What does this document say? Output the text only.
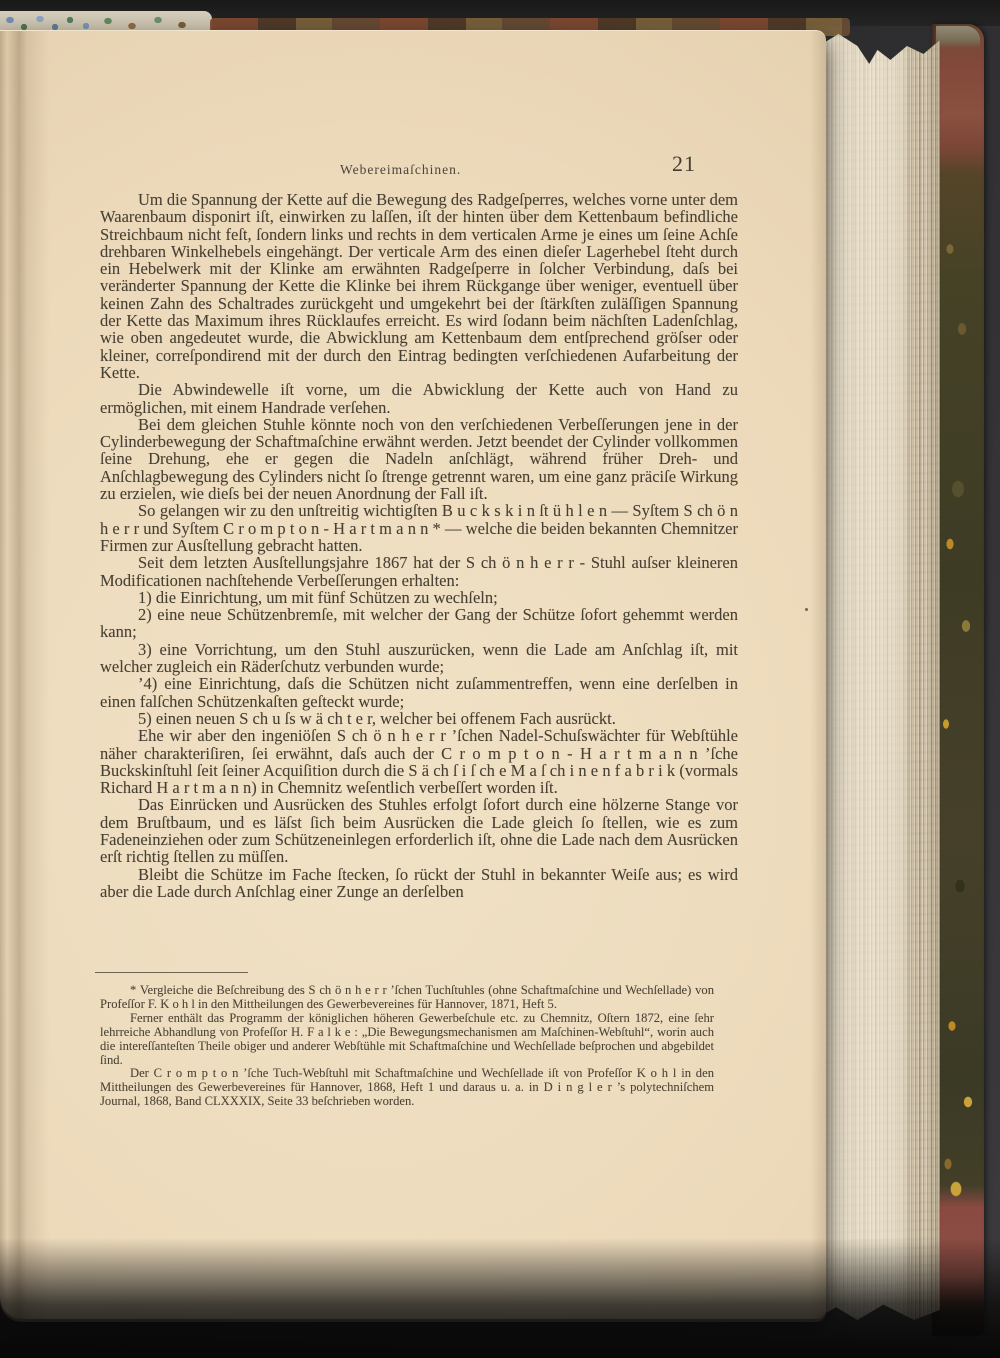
Webereimaſchinen.	21

Um die Spannung der Kette auf die Bewegung des Radgeſperres, welches vorne unter dem Waarenbaum disponirt iſt, einwirken zu laſſen, iſt der hinten über dem Kettenbaum befindliche Streichbaum nicht feſt, ſondern links und rechts in dem verticalen Arme je eines um ſeine Achſe drehbaren Winkelhebels eingehängt. Der verticale Arm des einen dieſer Lagerhebel ſteht durch ein Hebelwerk mit der Klinke am erwähnten Radgeſperre in ſolcher Verbindung, daſs bei veränderter Spannung der Kette die Klinke bei ihrem Rückgange über weniger, eventuell über keinen Zahn des Schaltrades zurückgeht und umgekehrt bei der ſtärkſten zuläſſigen Spannung der Kette das Maximum ihres Rücklaufes erreicht. Es wird ſodann beim nächſten Ladenſchlag, wie oben angedeutet wurde, die Abwicklung am Kettenbaum dem entſprechend gröſser oder kleiner, correſpondirend mit der durch den Eintrag bedingten verſchiedenen Aufarbeitung der Kette.

Die Abwindewelle iſt vorne, um die Abwicklung der Kette auch von Hand zu ermöglichen, mit einem Handrade verſehen.

Bei dem gleichen Stuhle könnte noch von den verſchiedenen Verbeſſerungen jene in der Cylinderbewegung der Schaftmaſchine erwähnt werden. Jetzt beendet der Cylinder vollkommen ſeine Drehung, ehe er gegen die Nadeln anſchlägt, während früher Dreh- und Anſchlagbewegung des Cylinders nicht ſo ſtrenge getrennt waren, um eine ganz präciſe Wirkung zu erzielen, wie dieſs bei der neuen Anordnung der Fall iſt.

So gelangen wir zu den unſtreitig wichtigſten B u c k s k i n ſt ü h l e n — Syſtem S ch ö n h e r r und Syſtem C r o m p t o n - H a r t m a n n * — welche die beiden bekannten Chemnitzer Firmen zur Ausſtellung gebracht hatten.

Seit dem letzten Ausſtellungsjahre 1867 hat der S ch ö n h e r r - Stuhl auſser kleineren Modificationen nachſtehende Verbeſſerungen erhalten:

1) die Einrichtung, um mit fünf Schützen zu wechſeln;

2) eine neue Schützenbremſe, mit welcher der Gang der Schütze ſofort gehemmt werden kann;

3) eine Vorrichtung, um den Stuhl auszurücken, wenn die Lade am Anſchlag iſt, mit welcher zugleich ein Räderſchutz verbunden wurde;

’4) eine Einrichtung, daſs die Schützen nicht zuſammentreffen, wenn eine derſelben in einen falſchen Schützenkaſten geſteckt wurde;

5) einen neuen S ch u ſs w ä ch t e r, welcher bei offenem Fach ausrückt.

Ehe wir aber den ingeniöſen S ch ö n h e r r ’ſchen Nadel-Schuſswächter für Webſtühle näher charakteriſiren, ſei erwähnt, daſs auch der C r o m p t o n - H a r t m a n n ’ſche Buckskinſtuhl ſeit ſeiner Acquiſition durch die S ä ch ſ i ſ ch e M a ſ ch i n e n f a b r i k (vormals Richard H a r t m a n n) in Chemnitz weſentlich verbeſſert worden iſt.

Das Einrücken und Ausrücken des Stuhles erfolgt ſofort durch eine hölzerne Stange vor dem Bruſtbaum, und es läſst ſich beim Ausrücken die Lade gleich ſo ſtellen, wie es zum Fadeneinziehen oder zum Schützeneinlegen erforderlich iſt, ohne die Lade nach dem Ausrücken erſt richtig ſtellen zu müſſen.

Bleibt die Schütze im Fache ſtecken, ſo rückt der Stuhl in bekannter Weiſe aus; es wird aber die Lade durch Anſchlag einer Zunge an derſelben

* Vergleiche die Beſchreibung des S ch ö n h e r r ’ſchen Tuchſtuhles (ohne Schaftmaſchine und Wechſellade) von Profeſſor F. K o h l in den Mittheilungen des Gewerbevereines für Hannover, 1871, Heft 5.

Ferner enthält das Programm der königlichen höheren Gewerbeſchule etc. zu Chemnitz, Oſtern 1872, eine ſehr lehrreiche Abhandlung von Profeſſor H. F a l k e : „Die Bewegungsmechanismen am Maſchinen-Webſtuhl“, worin auch die intereſſanteſten Theile obiger und anderer Webſtühle mit Schaftmaſchine und Wechſellade beſprochen und abgebildet ſind.

Der C r o m p t o n ’ſche Tuch-Webſtuhl mit Schaftmaſchine und Wechſellade iſt von Profeſſor K o h l in den Mittheilungen des Gewerbevereines für Hannover, 1868, Heft 1 und daraus u. a. in D i n g l e r ’s polytechniſchem Journal, 1868, Band CLXXXIX, Seite 33 beſchrieben worden.
